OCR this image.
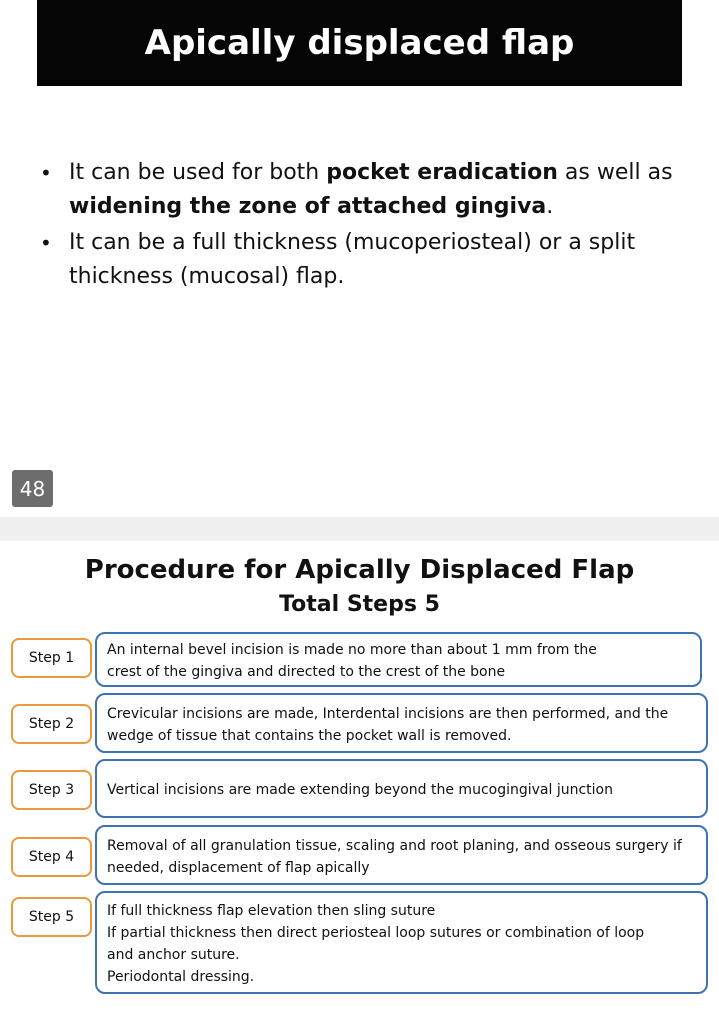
Apically displaced flap
• It can be used for both pocket eradication as well as widening the zone of attached gingiva.
• It can be a full thickness (mucoperiosteal) or a split thickness (mucosal) flap.
48
Procedure for Apically Displaced Flap
Total Steps 5
Step 1	An internal bevel incision is made no more than about 1 mm from the
crest of the gingiva and directed to the crest of the bone
Step 2
Crevicular incisions are made, Interdental incisions are then performed, and the
wedge of tissue that contains the pocket wall is removed.
Step 3	Vertical incisions are made extending beyond the mucogingival junction
Step 4
Removal of all granulation tissue, scaling and root planing, and osseous surgery if
needed, displacement of flap apically
Step 5	If full thickness flap elevation then sling suture
If partial thickness then direct periosteal loop sutures or combination of loop
and anchor suture.
Periodontal dressing.
